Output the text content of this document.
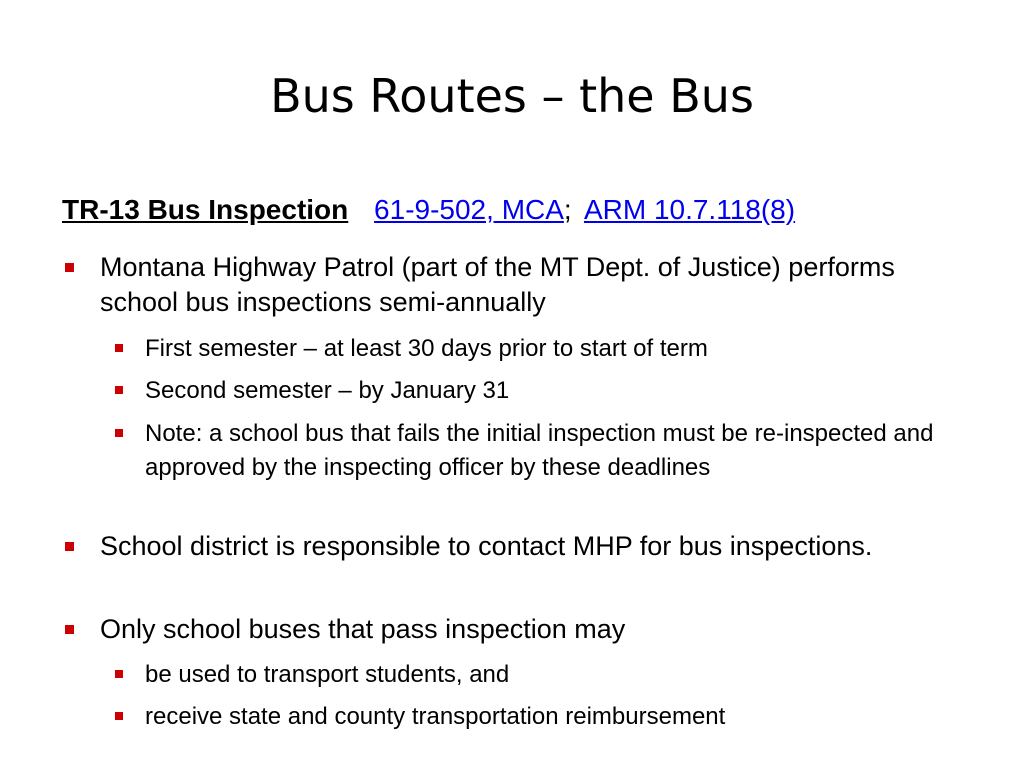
Bus Routes – the Bus
TR-13 Bus Inspection 61-9-502, MCA; ARM 10.7.118(8)
Montana Highway Patrol (part of the MT Dept. of Justice) performs school bus inspections semi-annually
First semester – at least 30 days prior to start of term
Second semester – by January 31
Note: a school bus that fails the initial inspection must be re-inspected and approved by the inspecting officer by these deadlines
School district is responsible to contact MHP for bus inspections.
Only school buses that pass inspection may
be used to transport students, and
receive state and county transportation reimbursement
